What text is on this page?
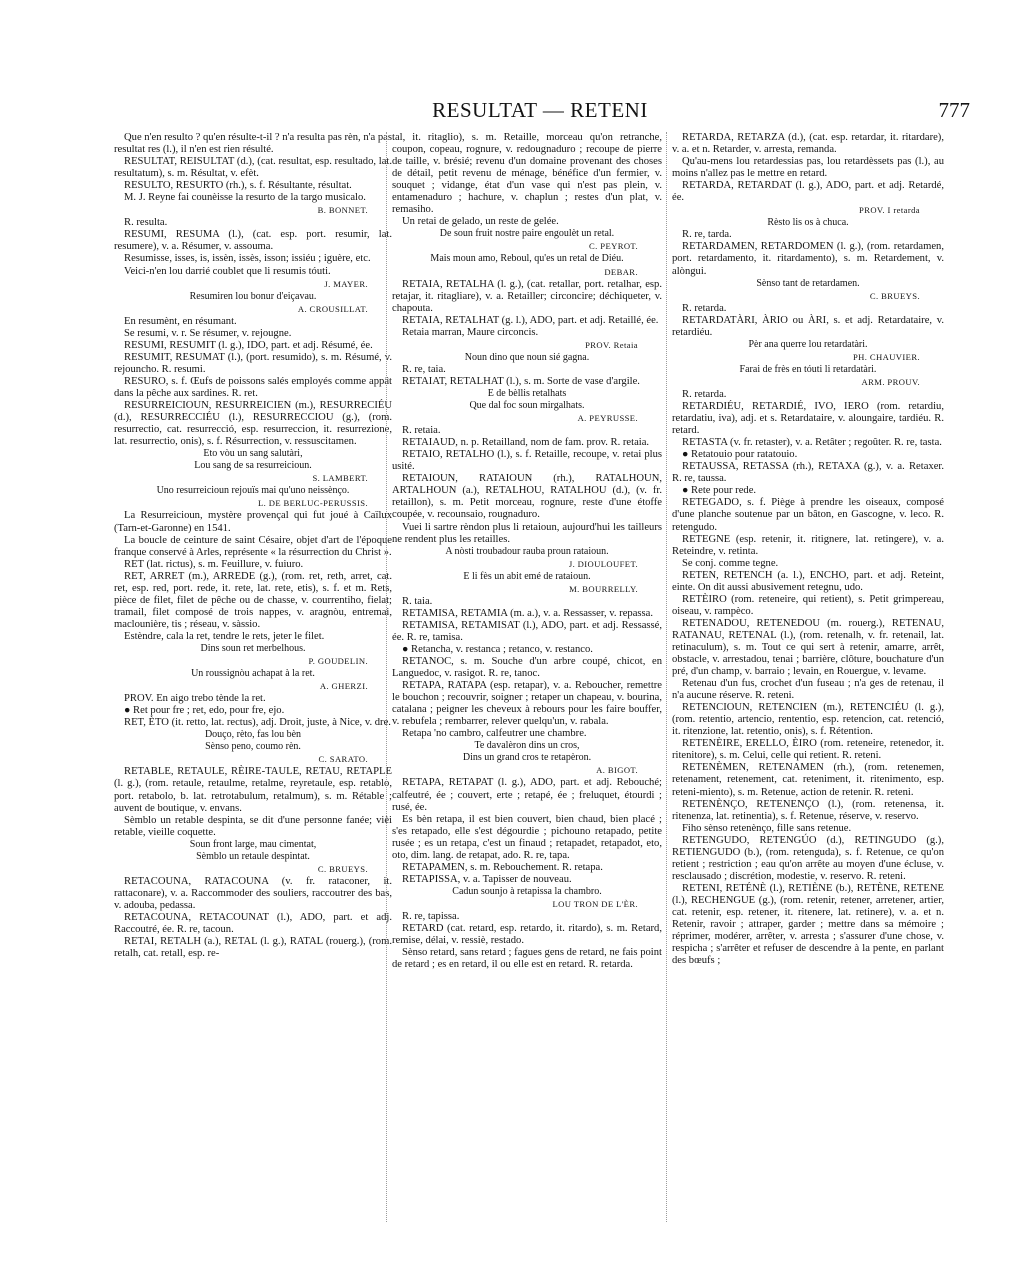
RESULTAT — RETENI	777

Que n'en resulto ? qu'en résulte-t-il ? n'a resulta pas rèn, n'a pas resultat res (l.), il n'en est rien résulté.

RESULTAT, REISULTAT (d.), (cat. resultat, esp. resultado, lat. resultatum), s. m. Résultat, v. efèt.

RESULTO, RESURTO (rh.), s. f. Résultante, résultat.

M. J. Reyne fai counèisse la resurto de la targo musicalo.

B. BONNET.

R. resulta.

RESUMI, RESUMA (l.), (cat. esp. port. resumir, lat. resumere), v. a. Résumer, v. assouma.

Resumisse, isses, is, issèn, issès, isson; issiéu ; iguère, etc.

Veici-n'en lou darrié coublet que li resumis tóuti.

J. MAYER.

Resumiren lou bonur d'eiçavau.

A. CROUSILLAT.

En resumènt, en résumant.

Se resumi, v. r. Se résumer, v. rejougne.

RESUMI, RESUMIT (l. g.), IDO, part. et adj. Résumé, ée.

RESUMIT, RESUMAT (l.), (port. resumido), s. m. Résumé, v. rejouncho. R. resumi.

RESURO, s. f. Œufs de poissons salés employés comme appât dans la pêche aux sardines. R. ret.

RESURREICIOUN, RESURREICIEN (m.), RESURRECIÉU (d.), RESURRECCIÉU (l.), RESURRECCIOU (g.), (rom. resurrectio, cat. resurrecció, esp. resurreccion, it. resurrezione, lat. resurrectio, onis), s. f. Résurrection, v. ressuscitamen.

Eto vòu un sang salutàri,

Lou sang de sa resurreicioun.

S. LAMBERT.

Uno resurreicioun rejouïs mai qu'uno neissènço.

L. DE BERLUC-PERUSSIS.

La Resurreicioun, mystère provençal qui fut joué à Caïlux (Tarn-et-Garonne) en 1541.

La boucle de ceinture de saint Césaire, objet d'art de l'époque franque conservé à Arles, représente « la résurrection du Christ ».

RET (lat. rictus), s. m. Feuillure, v. fuiuro.

RET, ARRET (m.), ARREDE (g.), (rom. ret, reth, arret, cat. ret, esp. red, port. rede, it. rete, lat. rete, etis), s. f. et m. Rets, pièce de filet, filet de pêche ou de chasse, v. courrentiho, fielat; tramail, filet composé de trois nappes, v. aragnòu, entremai, maclounière, tis ; réseau, v. sàssio.

Estèndre, cala la ret, tendre le rets, jeter le filet.

Dins soun ret merbelhous.

P. GOUDELIN.

Un roussignòu achapat à la ret.

A. GHERZI.

PROV. En aigo trebo tènde la ret.

● Ret pour fre ; ret, edo, pour fre, ejo.

RET, ÈTO (it. retto, lat. rectus), adj. Droit, juste, à Nice, v. dre.

Douço, rèto, fas lou bèn

Sènso peno, coumo rèn.

C. SARATO.

RETABLE, RETAULE, RÈIRE-TAULE, RETAU, RETAPLE (l. g.), (rom. retaule, retaulme, retalme, reyretaule, esp. retablo, port. retabolo, b. lat. retrotabulum, retalmum), s. m. Rétable ; auvent de boutique, v. envans.

Sèmblo un retable despinta, se dit d'une personne fanée; vièi retable, vieille coquette.

Soun front large, mau cimentat,

Sèmblo un retaule despintat.

C. BRUEYS.

RETACOUNA, RATACOUNA (v. fr. rataconer, it. rattaconare), v. a. Raccommoder des souliers, raccoutrer des bas, v. adouba, pedassa.

RETACOUNA, RETACOUNAT (l.), ADO, part. et adj. Raccoutré, ée. R. re, tacoun.

RETAI, RETALH (a.), RETAL (l. g.), RATAL (rouerg.), (rom. retalh, cat. retall, esp. re-

tal, it. ritaglio), s. m. Retaille, morceau qu'on retranche, coupon, copeau, rognure, v. redougnaduro ; recoupe de pierre de taille, v. brésié; revenu d'un domaine provenant des choses de détail, petit revenu de ménage, bénéfice d'un fermier, v. souquet ; vidange, état d'un vase qui n'est pas plein, v. entamenaduro ; hachure, v. chaplun ; restes d'un plat, v. remasiho.

Un retai de gelado, un reste de gelée.

De soun fruit nostre paire engoulèt un retal.

C. PEYROT.

Mais moun amo, Reboul, qu'es un retal de Diéu.

DEBAR.

RETAIA, RETALHA (l. g.), (cat. retallar, port. retalhar, esp. retajar, it. ritagliare), v. a. Retailler; circoncire; déchiqueter, v. chapouta.

RETAIA, RETALHAT (g. l.), ADO, part. et adj. Retaillé, ée.

Retaia marran, Maure circoncis.

PROV. Retaia

Noun dino que noun sié gagna.

R. re, taia.

RETAIAT, RETALHAT (l.), s. m. Sorte de vase d'argile.

E de bèllis retalhats

Que dal foc soun mirgalhats.

A. PEYRUSSE.

R. retaia.

RETAIAUD, n. p. Retailland, nom de fam. prov. R. retaia.

RETAIO, RETALHO (l.), s. f. Retaille, recoupe, v. retai plus usité.

RETAIOUN, RATAIOUN (rh.), RATALHOUN, ARTALHOUN (a.), RETALHOU, RATALHOU (d.), (v. fr. retaillon), s. m. Petit morceau, rognure, reste d'une étoffe coupée, v. recounsaio, rougnaduro.

Vuei li sartre rèndon plus li retaioun, aujourd'hui les tailleurs ne rendent plus les retailles.

A nòsti troubadour rauba proun rataioun.

J. DIOULOUFET.

E li fès un abit emé de rataioun.

M. BOURRELLY.

R. taia.

RETAMISA, RETAMIA (m. a.), v. a. Ressasser, v. repassa.

RETAMISA, RETAMISAT (l.), ADO, part. et adj. Ressassé, ée. R. re, tamisa.

● Retancha, v. restanca ; retanco, v. restanco.

RETANOC, s. m. Souche d'un arbre coupé, chicot, en Languedoc, v. rasigot. R. re, tanoc.

RETAPA, RATAPA (esp. retapar), v. a. Reboucher, remettre le bouchon ; recouvrir, soigner ; retaper un chapeau, v. bourina, catalana ; peigner les cheveux à rebours pour les faire bouffer, v. rebufela ; rembarrer, relever quelqu'un, v. rabala.

Retapa 'no cambro, calfeutrer une chambre.

Te davalèron dins un cros,

Dins un grand cros te retapèron.

A. BIGOT.

RETAPA, RETAPAT (l. g.), ADO, part. et adj. Rebouché; calfeutré, ée ; couvert, erte ; retapé, ée ; freluquet, étourdi ; rusé, ée.

Es bèn retapa, il est bien couvert, bien chaud, bien placé ; s'es retapado, elle s'est dégourdie ; pichouno retapado, petite rusée ; es un retapa, c'est un finaud ; retapadet, retapadot, eto, oto, dim. lang. de retapat, ado. R. re, tapa.

RETAPAMEN, s. m. Rebouchement. R. retapa.

RETAPISSA, v. a. Tapisser de nouveau.

Cadun sounjo à retapissa la chambro.

LOU TRON DE L'ÈR.

R. re, tapissa.

RETARD (cat. retard, esp. retardo, it. ritardo), s. m. Retard, remise, délai, v. ressiè, restado.

Sènso retard, sans retard ; fagues gens de retard, ne fais point de retard ; es en retard, il ou elle est en retard. R. retarda.

RETARDA, RETARZA (d.), (cat. esp. retardar, it. ritardare), v. a. et n. Retarder, v. arresta, remanda.

Qu'au-mens lou retardessias pas, lou retardèssets pas (l.), au moins n'allez pas le mettre en retard.

RETARDA, RETARDAT (l. g.), ADO, part. et adj. Retardé, ée.

PROV. I retarda

Rèsto lis os à chuca.

R. re, tarda.

RETARDAMEN, RETARDOMEN (l. g.), (rom. retardamen, port. retardamento, it. ritardamento), s. m. Retardement, v. alòngui.

Sènso tant de retardamen.

C. BRUEYS.

R. retarda.

RETARDATÀRI, ÀRIO ou ÀRI, s. et adj. Retardataire, v. retardiéu.

Pèr ana querre lou retardatàri.

PH. CHAUVIER.

Farai de frès en tóuti li retardatàri.

ARM. PROUV.

R. retarda.

RETARDIÉU, RETARDIÉ, IVO, IERO (rom. retardiu, retardatiu, iva), adj. et s. Retardataire, v. aloungaire, tardiéu. R. retard.

RETASTA (v. fr. retaster), v. a. Retâter ; regoûter. R. re, tasta.

● Retatouio pour ratatouio.

RETAUSSA, RETASSA (rh.), RETAXA (g.), v. a. Retaxer. R. re, taussa.

● Rete pour rede.

RETEGADO, s. f. Piège à prendre les oiseaux, composé d'une planche soutenue par un bâton, en Gascogne, v. leco. R. retengudo.

RETEGNE (esp. retenir, it. ritignere, lat. retingere), v. a. Reteindre, v. retinta.

Se conj. comme tegne.

RETEN, RETENCH (a. l.), ENCHO, part. et adj. Reteint, einte. On dit aussi abusivement retegnu, udo.

RETÈIRO (rom. reteneire, qui retient), s. Petit grimpereau, oiseau, v. rampèco.

RETENADOU, RETENEDOU (m. rouerg.), RETENAU, RATANAU, RETENAL (l.), (rom. retenalh, v. fr. retenail, lat. retinaculum), s. m. Tout ce qui sert à retenir, amarre, arrêt, obstacle, v. arrestadou, tenai ; barrière, clôture, bouchature d'un pré, d'un champ, v. barraio ; levain, en Rouergue, v. levame.

Retenau d'un fus, crochet d'un fuseau ; n'a ges de retenau, il n'a aucune réserve. R. reteni.

RETENCIOUN, RETENCIEN (m.), RETENCIÉU (l. g.), (rom. retentio, artencio, rententio, esp. retencion, cat. retenció, it. ritenzione, lat. retentio, onis), s. f. Rétention.

RETENÈIRE, ERELLO, ÈIRO (rom. reteneire, retenedor, it. ritenitore), s. m. Celui, celle qui retient. R. reteni.

RETENÈMEN, RETENAMEN (rh.), (rom. retenemen, retenament, retenement, cat. reteniment, it. ritenimento, esp. reteni-miento), s. m. Retenue, action de retenir. R. reteni.

RETENÈNÇO, RETENENÇO (l.), (rom. retenensa, it. ritenenza, lat. retinentia), s. f. Retenue, réserve, v. reservo.

Fiho sènso retenènço, fille sans retenue.

RETENGUDO, RETENGÚO (d.), RETINGUDO (g.), RETIENGUDO (b.), (rom. retenguda), s. f. Retenue, ce qu'on retient ; restriction ; eau qu'on arrête au moyen d'une écluse, v. resclausado ; discrétion, modestie, v. reservo. R. reteni.

RETENI, RETÉNÈ (l.), RETIÈNE (b.), RETÈNE, RETENE (l.), RECHENGUE (g.), (rom. retenir, retener, arretener, artier, cat. retenir, esp. retener, it. ritenere, lat. retinere), v. a. et n. Retenir, ravoir ; attraper, garder ; mettre dans sa mémoire ; réprimer, modérer, arrêter, v. arresta ; s'assurer d'une chose, v. respicha ; s'arrêter et refuser de descendre à la pente, en parlant des bœufs ;
